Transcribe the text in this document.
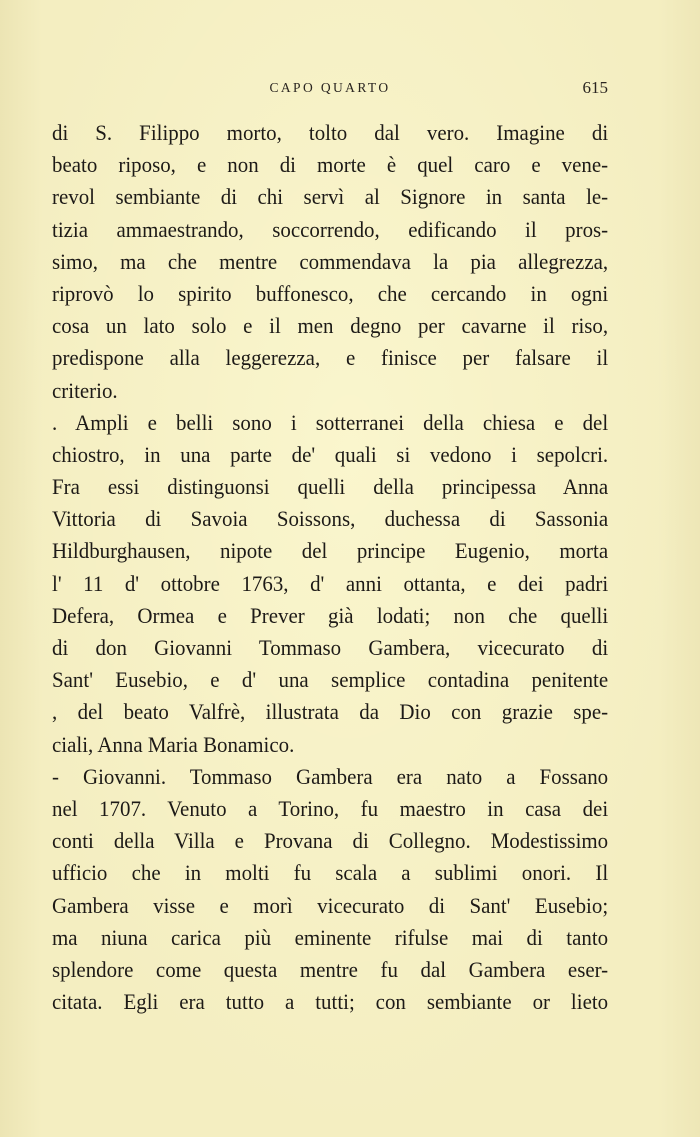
CAPO QUARTO	615
di S. Filippo morto, tolto dal vero. Imagine di
beato riposo, e non di morte è quel caro e vene-
revol sembiante di chi servì al Signore in santa le-
tizia ammaestrando, soccorrendo, edificando il pros-
simo, ma che mentre commendava la pia allegrezza,
riprovò lo spirito buffonesco, che cercando in ogni
cosa un lato solo e il men degno per cavarne il riso,
predispone alla leggerezza, e finisce per falsare il
criterio.
. Ampli e belli sono i sotterranei della chiesa e del
chiostro, in una parte de' quali si vedono i sepolcri.
Fra essi distinguonsi quelli della principessa Anna
Vittoria di Savoia Soissons, duchessa di Sassonia
Hildburghausen, nipote del principe Eugenio, morta
l' 11 d' ottobre 1763, d' anni ottanta, e dei padri
Defera, Ormea e Prever già lodati; non che quelli
di don Giovanni Tommaso Gambera, vicecurato di
Sant' Eusebio, e d' una semplice contadina penitente
, del beato Valfrè, illustrata da Dio con grazie spe-
ciali, Anna Maria Bonamico.
- Giovanni. Tommaso Gambera era nato a Fossano
nel 1707. Venuto a Torino, fu maestro in casa dei
conti della Villa e Provana di Collegno. Modestissimo
ufficio che in molti fu scala a sublimi onori. Il
Gambera visse e morì vicecurato di Sant' Eusebio;
ma niuna carica più eminente rifulse mai di tanto
splendore come questa mentre fu dal Gambera eser-
citata. Egli era tutto a tutti; con sembiante or lieto
